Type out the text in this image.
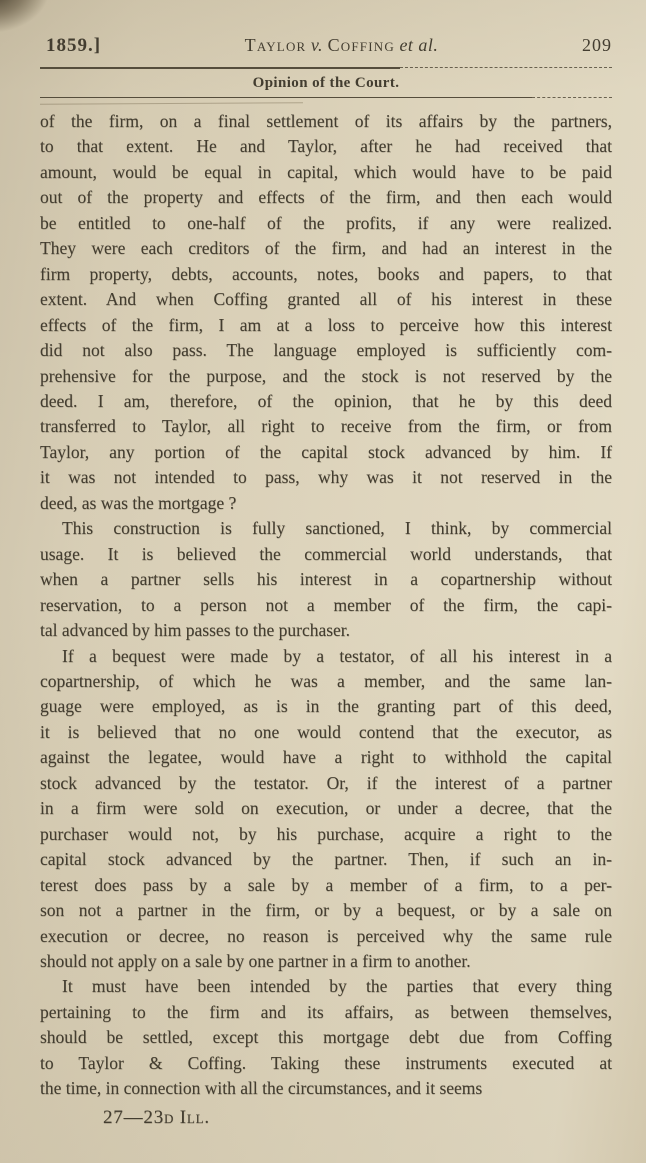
1859.]	Taylor v. Coffing et al.	209
Opinion of the Court.
of the firm, on a final settlement of its affairs by the partners,
to that extent. He and Taylor, after he had received that
amount, would be equal in capital, which would have to be paid
out of the property and effects of the firm, and then each would
be entitled to one-half of the profits, if any were realized.
They were each creditors of the firm, and had an interest in the
firm property, debts, accounts, notes, books and papers, to that
extent. And when Coffing granted all of his interest in these
effects of the firm, I am at a loss to perceive how this interest
did not also pass. The language employed is sufficiently com-
prehensive for the purpose, and the stock is not reserved by the
deed. I am, therefore, of the opinion, that he by this deed
transferred to Taylor, all right to receive from the firm, or from
Taylor, any portion of the capital stock advanced by him. If
it was not intended to pass, why was it not reserved in the
deed, as was the mortgage ?
This construction is fully sanctioned, I think, by commercial
usage. It is believed the commercial world understands, that
when a partner sells his interest in a copartnership without
reservation, to a person not a member of the firm, the capi-
tal advanced by him passes to the purchaser.
If a bequest were made by a testator, of all his interest in a
copartnership, of which he was a member, and the same lan-
guage were employed, as is in the granting part of this deed,
it is believed that no one would contend that the executor, as
against the legatee, would have a right to withhold the capital
stock advanced by the testator. Or, if the interest of a partner
in a firm were sold on execution, or under a decree, that the
purchaser would not, by his purchase, acquire a right to the
capital stock advanced by the partner. Then, if such an in-
terest does pass by a sale by a member of a firm, to a per-
son not a partner in the firm, or by a bequest, or by a sale on
execution or decree, no reason is perceived why the same rule
should not apply on a sale by one partner in a firm to another.
It must have been intended by the parties that every thing
pertaining to the firm and its affairs, as between themselves,
should be settled, except this mortgage debt due from Coffing
to Taylor & Coffing. Taking these instruments executed at
the time, in connection with all the circumstances, and it seems
27—23d Ill.
